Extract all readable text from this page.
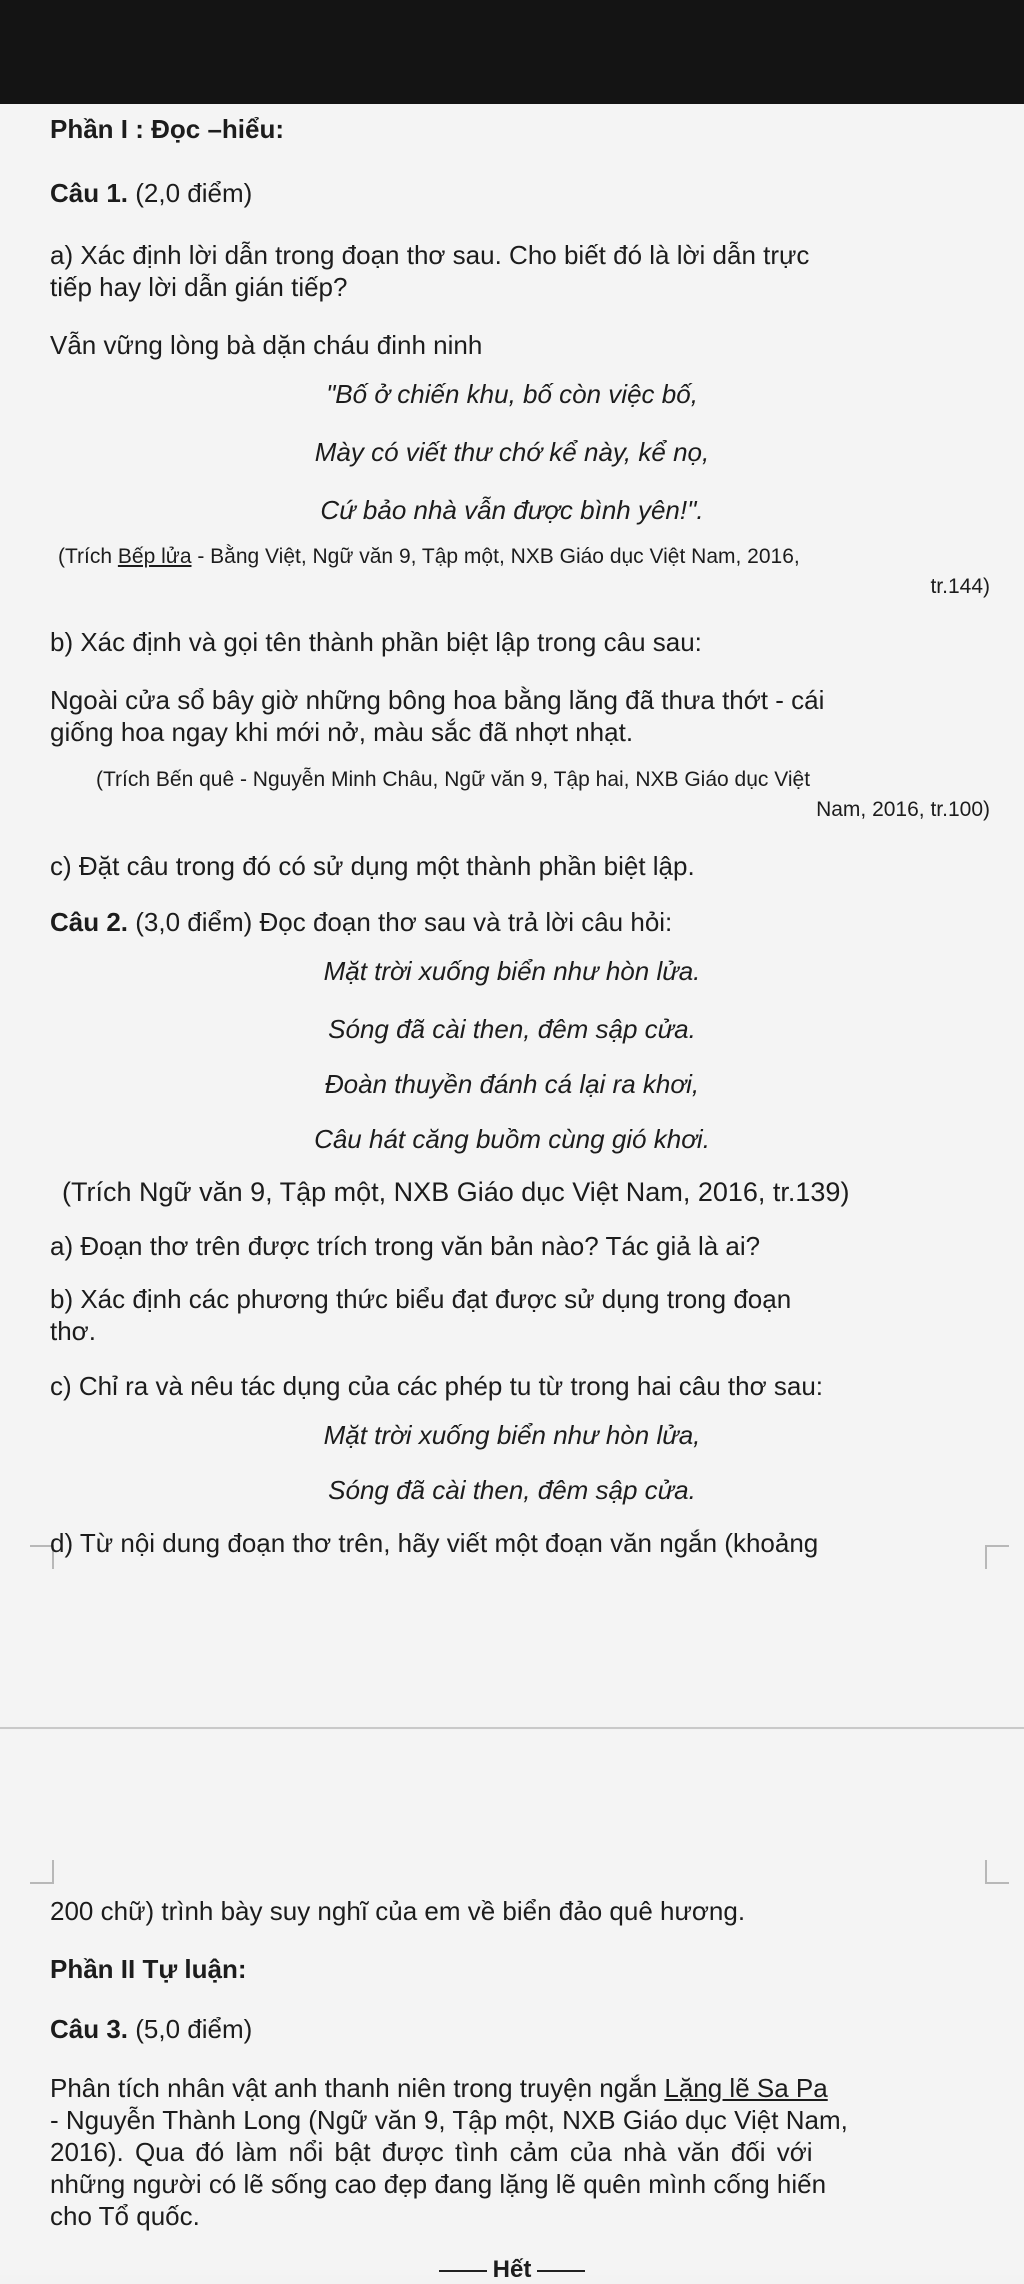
Phần I : Đọc –hiểu:
Câu 1. (2,0 điểm)
a) Xác định lời dẫn trong đoạn thơ sau. Cho biết đó là lời dẫn trực
tiếp hay lời dẫn gián tiếp?
Vẫn vững lòng bà dặn cháu đinh ninh
"Bố ở chiến khu, bố còn việc bố,
Mày có viết thư chớ kể này, kể nọ,
Cứ bảo nhà vẫn được bình yên!".
(Trích Bếp lửa - Bằng Việt, Ngữ văn 9, Tập một, NXB Giáo dục Việt Nam, 2016,
tr.144)
b) Xác định và gọi tên thành phần biệt lập trong câu sau:
Ngoài cửa sổ bây giờ những bông hoa bằng lăng đã thưa thớt - cái
giống hoa ngay khi mới nở, màu sắc đã nhợt nhạt.
(Trích Bến quê - Nguyễn Minh Châu, Ngữ văn 9, Tập hai, NXB Giáo dục Việt
Nam, 2016, tr.100)
c) Đặt câu trong đó có sử dụng một thành phần biệt lập.
Câu 2. (3,0 điểm) Đọc đoạn thơ sau và trả lời câu hỏi:
Mặt trời xuống biển như hòn lửa.
Sóng đã cài then, đêm sập cửa.
Đoàn thuyền đánh cá lại ra khơi,
Câu hát căng buồm cùng gió khơi.
(Trích Ngữ văn 9, Tập một, NXB Giáo dục Việt Nam, 2016, tr.139)
a) Đoạn thơ trên được trích trong văn bản nào? Tác giả là ai?
b) Xác định các phương thức biểu đạt được sử dụng trong đoạn
thơ.
c) Chỉ ra và nêu tác dụng của các phép tu từ trong hai câu thơ sau:
Mặt trời xuống biển như hòn lửa,
Sóng đã cài then, đêm sập cửa.
d) Từ nội dung đoạn thơ trên, hãy viết một đoạn văn ngắn (khoảng
200 chữ) trình bày suy nghĩ của em về biển đảo quê hương.
Phần II Tự luận:
Câu 3. (5,0 điểm)
Phân tích nhân vật anh thanh niên trong truyện ngắn Lặng lẽ Sa Pa
- Nguyễn Thành Long (Ngữ văn 9, Tập một, NXB Giáo dục Việt Nam,
2016). Qua đó làm nổi bật được tình cảm của nhà văn đối với
những người có lẽ sống cao đẹp đang lặng lẽ quên mình cống hiến
cho Tổ quốc.
Hết
